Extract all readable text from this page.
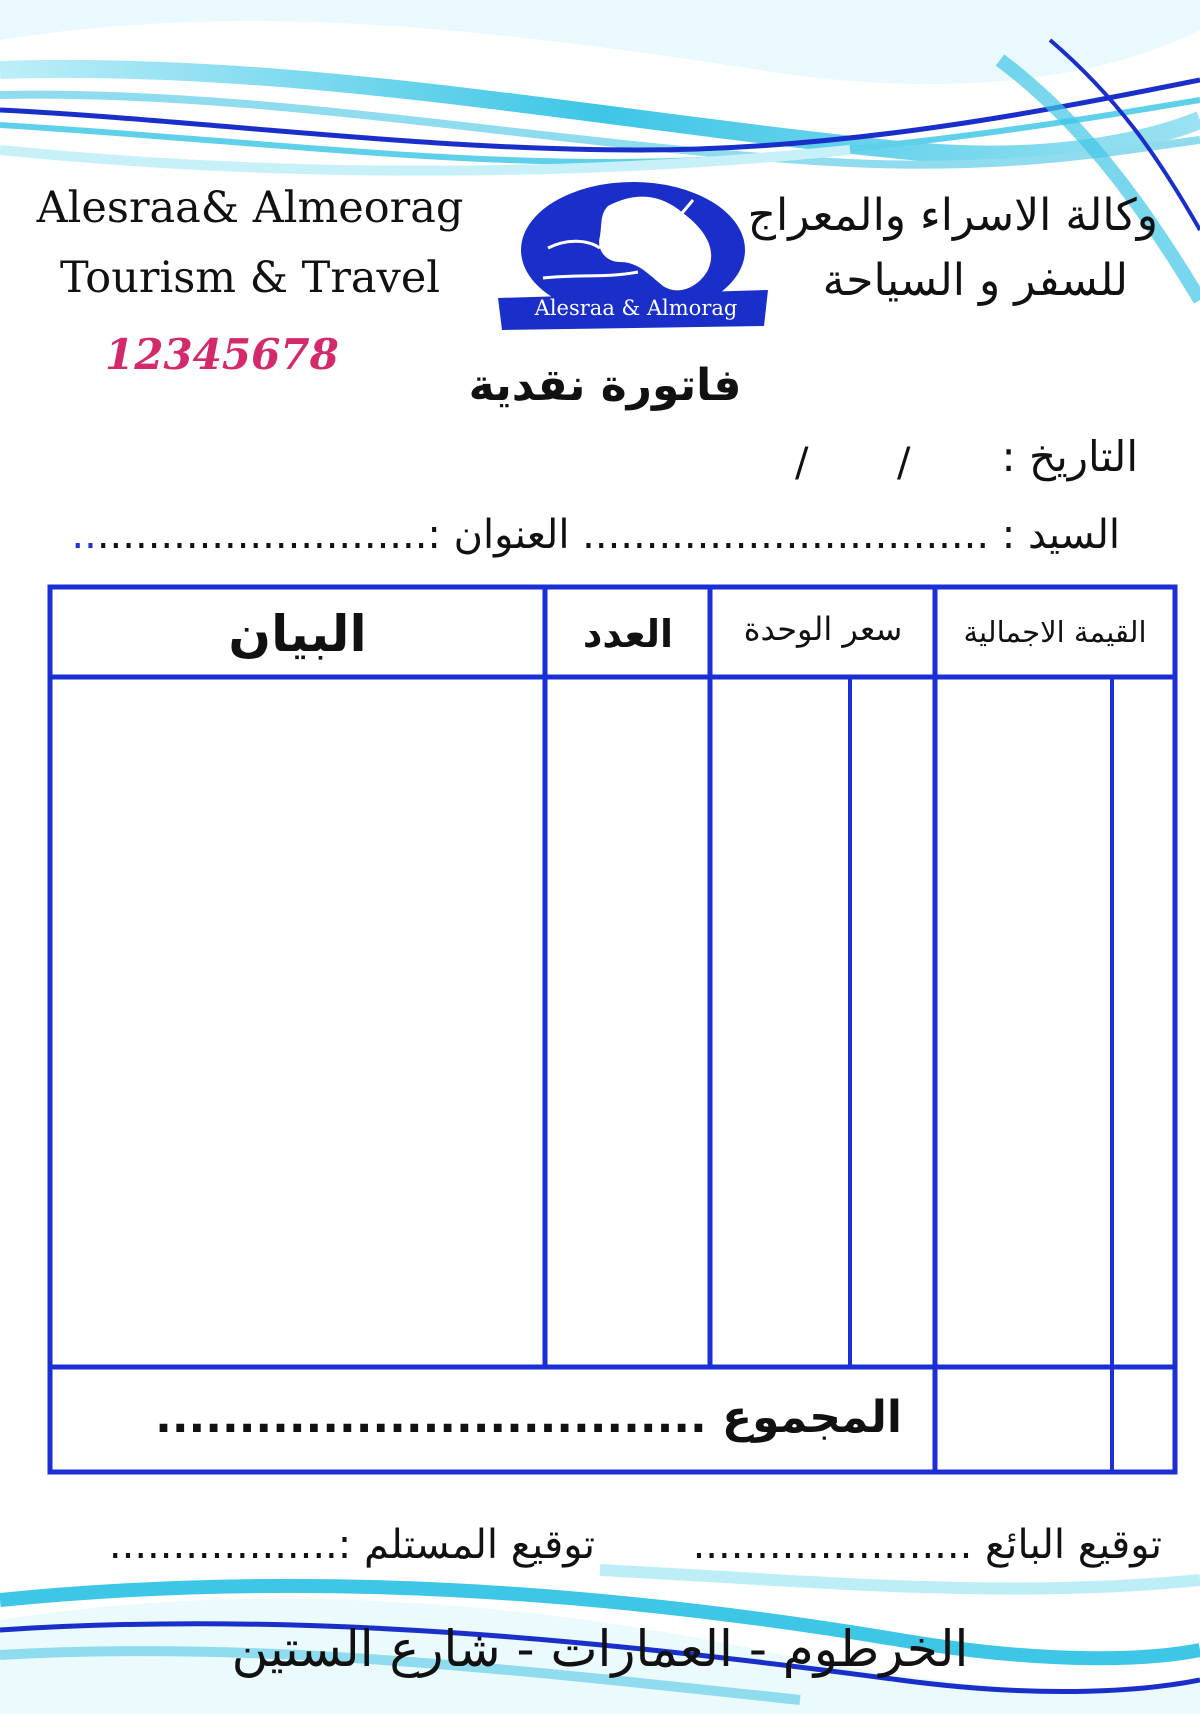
Alesraa& Almeorag
Tourism & Travel
12345678
Alesraa & Almorag
وكالة الاسراء والمعراج
للسفر و السياحة
فاتورة نقدية
التاريخ :
/
/
السيد : ................................ العنوان :............................
البيان	العدد	سعر الوحدة	القيمة الاجمالية
المجموع .................................
توقيع البائع ......................
توقيع المستلم :..................
الخرطوم - العمارات - شارع الستين
